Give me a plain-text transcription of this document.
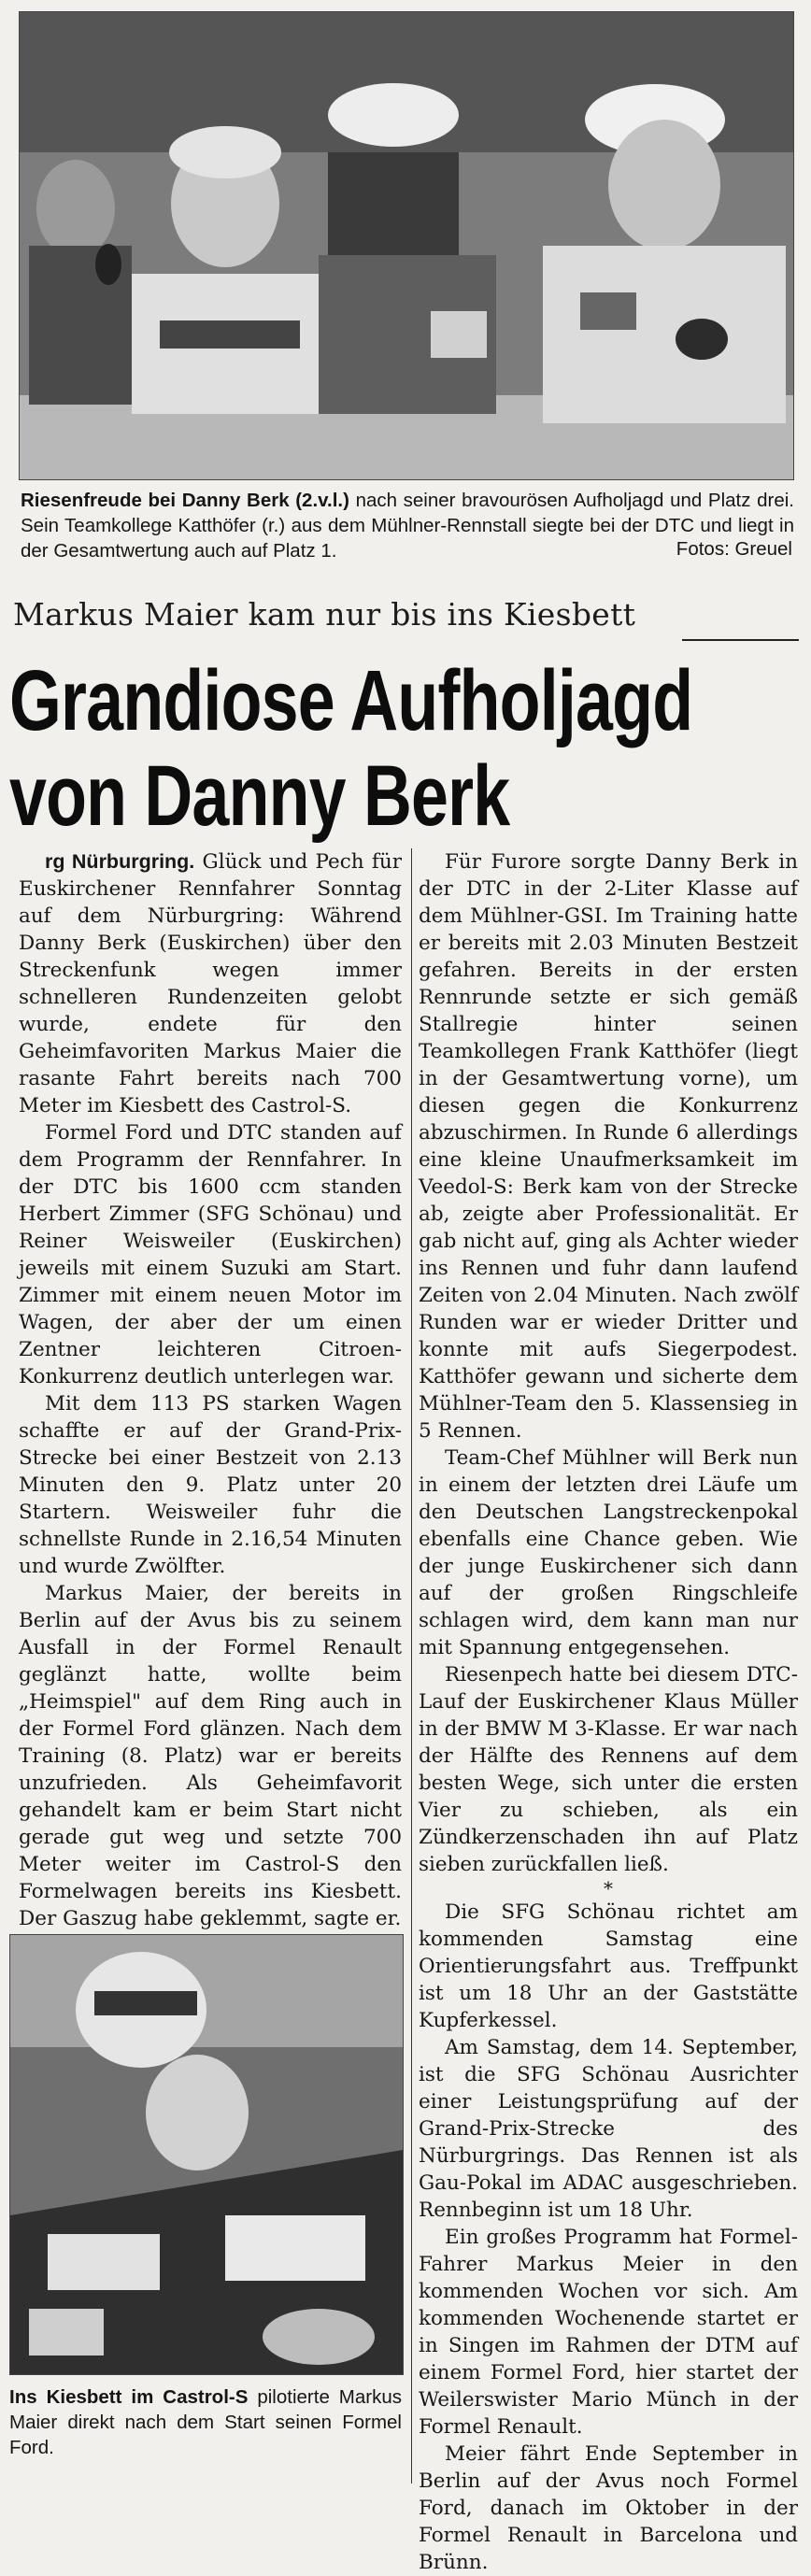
Riesenfreude bei Danny Berk (2.v.l.) nach seiner bravourösen Aufholjagd und Platz drei. Sein Teamkollege Katthöfer (r.) aus dem Mühlner-Rennstall siegte bei der DTC und liegt in der Gesamtwertung auch auf Platz 1.	Fotos: Greuel
Markus Maier kam nur bis ins Kiesbett
Grandiose Aufholjagd
von Danny Berk

rg Nürburgring. Glück und Pech für Euskirchener Rennfahrer Sonntag auf dem Nürburgring: Während Danny Berk (Euskirchen) über den Streckenfunk wegen immer schnelleren Rundenzeiten gelobt wurde, endete für den Geheimfavoriten Markus Maier die rasante Fahrt bereits nach 700 Meter im Kiesbett des Castrol-S.

Formel Ford und DTC standen auf dem Programm der Rennfahrer. In der DTC bis 1600 ccm standen Herbert Zimmer (SFG Schönau) und Reiner Weisweiler (Euskirchen) jeweils mit einem Suzuki am Start. Zimmer mit einem neuen Motor im Wagen, der aber der um einen Zentner leichteren Citroen-Konkurrenz deutlich unterlegen war.

Mit dem 113 PS starken Wagen schaffte er auf der Grand-Prix-Strecke bei einer Bestzeit von 2.13 Minuten den 9. Platz unter 20 Startern. Weisweiler fuhr die schnellste Runde in 2.16,54 Minuten und wurde Zwölfter.

Markus Maier, der bereits in Berlin auf der Avus bis zu seinem Ausfall in der Formel Renault geglänzt hatte, wollte beim „Heimspiel" auf dem Ring auch in der Formel Ford glänzen. Nach dem Training (8. Platz) war er bereits unzufrieden. Als Geheimfavorit gehandelt kam er beim Start nicht gerade gut weg und setzte 700 Meter weiter im Castrol-S den Formelwagen bereits ins Kiesbett. Der Gaszug habe geklemmt, sagte er.

Für Furore sorgte Danny Berk in der DTC in der 2-Liter Klasse auf dem Mühlner-GSI. Im Training hatte er bereits mit 2.03 Minuten Bestzeit gefahren. Bereits in der ersten Rennrunde setzte er sich gemäß Stallregie hinter seinen Teamkollegen Frank Katthöfer (liegt in der Gesamtwertung vorne), um diesen gegen die Konkurrenz abzuschirmen. In Runde 6 allerdings eine kleine Unaufmerksamkeit im Veedol-S: Berk kam von der Strecke ab, zeigte aber Professionalität. Er gab nicht auf, ging als Achter wieder ins Rennen und fuhr dann laufend Zeiten von 2.04 Minuten. Nach zwölf Runden war er wieder Dritter und konnte mit aufs Siegerpodest. Katthöfer gewann und sicherte dem Mühlner-Team den 5. Klassensieg in 5 Rennen.

Team-Chef Mühlner will Berk nun in einem der letzten drei Läufe um den Deutschen Langstreckenpokal ebenfalls eine Chance geben. Wie der junge Euskirchener sich dann auf der großen Ringschleife schlagen wird, dem kann man nur mit Spannung entgegensehen.

Riesenpech hatte bei diesem DTC-Lauf der Euskirchener Klaus Müller in der BMW M 3-Klasse. Er war nach der Hälfte des Rennens auf dem besten Wege, sich unter die ersten Vier zu schieben, als ein Zündkerzenschaden ihn auf Platz sieben zurückfallen ließ.

*

Die SFG Schönau richtet am kommenden Samstag eine Orientierungsfahrt aus. Treffpunkt ist um 18 Uhr an der Gaststätte Kupferkessel.

Am Samstag, dem 14. September, ist die SFG Schönau Ausrichter einer Leistungsprüfung auf der Grand-Prix-Strecke des Nürburgrings. Das Rennen ist als Gau-Pokal im ADAC ausgeschrieben. Rennbeginn ist um 18 Uhr.

Ein großes Programm hat Formel-Fahrer Markus Meier in den kommenden Wochen vor sich. Am kommenden Wochenende startet er in Singen im Rahmen der DTM auf einem Formel Ford, hier startet der Weilerswister Mario Münch in der Formel Renault.

Meier fährt Ende September in Berlin auf der Avus noch Formel Ford, danach im Oktober in der Formel Renault in Barcelona und Brünn.

Ins Kiesbett im Castrol-S pilotierte Markus Maier direkt nach dem Start seinen Formel Ford.
